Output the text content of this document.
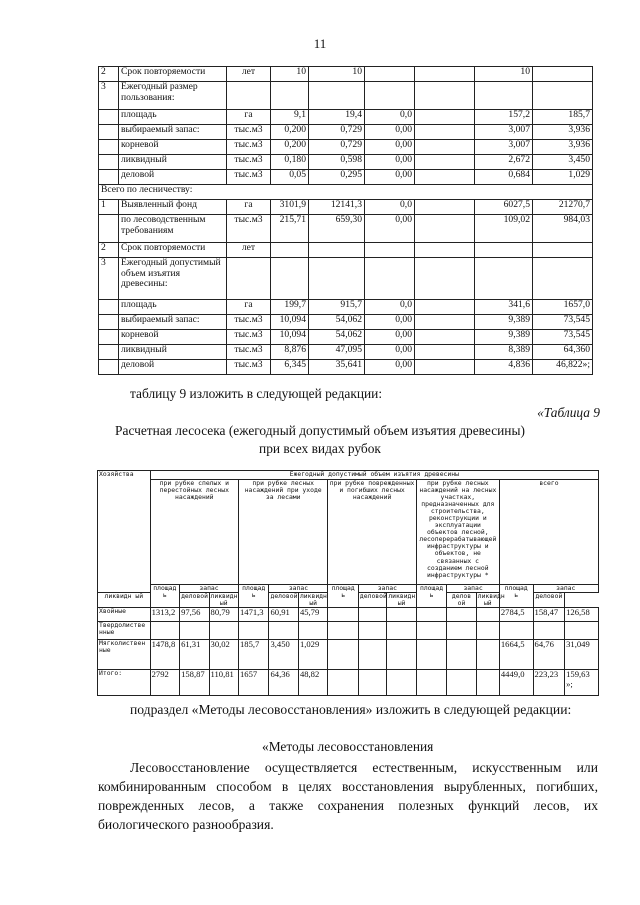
11
2	Срок повторяемости	лет	10	10			10	
3	Ежегодный размер пользования:							
	площадь	га	9,1	19,4	0,0		157,2	185,7
	выбираемый запас:	тыс.м3	0,200	0,729	0,00		3,007	3,936
	корневой	тыс.м3	0,200	0,729	0,00		3,007	3,936
	ликвидный	тыс.м3	0,180	0,598	0,00		2,672	3,450
	деловой	тыс.м3	0,05	0,295	0,00		0,684	1,029
Всего по лесничеству:								
1	Выявленный фонд	га	3101,9	12141,3	0,0		6027,5	21270,7
	по лесоводственным требованиям	тыс.м3	215,71	659,30	0,00		109,02	984,03
2	Срок повторяемости	лет						
3	Ежегодный допустимый объем изъятия древесины:							
	площадь	га	199,7	915,7	0,0		341,6	1657,0
	выбираемый запас:	тыс.м3	10,094	54,062	0,00		9,389	73,545
	корневой	тыс.м3	10,094	54,062	0,00		9,389	73,545
	ликвидный	тыс.м3	8,876	47,095	0,00		8,389	64,360
	деловой	тыс.м3	6,345	35,641	0,00		4,836	46,822»;
таблицу 9 изложить в следующей редакции:
«Таблица 9
Расчетная лесосека (ежегодный допустимый объем изъятия древесины)
при всех видах рубок
Хозяйства	Ежегодный допустимый объем изъятия древесины														
	при рубке спелых и перестойных лесных насаждений			при рубке лесных насаждений при уходе за лесами			при рубке поврежденных и погибших лесных насаждений			при рубке лесных насаждений на лесных участках, предназначенных для строительства, реконструкции и эксплуатации объектов лесной, лесоперерабатывающей инфраструктуры и объектов, не связанных с созданием лесной инфраструктуры *			всего		
	площад ь	запас		площад ь	запас		площад ь	запас		площад ь	запас		площад ь	запас	
ликвидн ый		деловой	ликвидн ый		деловой	ликвидн ый		деловой	ликвидн ый		делов ой	ликвидн ый		деловой	
Хвойные	1313,2	97,56	80,79	1471,3	60,91	45,79							2784,5	158,47	126,58
Твердолистве нные															
Мягколиствен ные	1478,8	61,31	30,02	185,7	3,450	1,029							1664,5	64,76	31,049
Итого:	2792	158,87	110,81	1657	64,36	48,82							4449,0	223,23	159,63 »;
подраздел «Методы лесовосстановления» изложить в следующей редакции:
«Методы лесовосстановления
Лесовосстановление осуществляется естественным, искусственным или комбинированным способом в целях восстановления вырубленных, погибших, поврежденных лесов, а также сохранения полезных функций лесов, их биологического разнообразия.
